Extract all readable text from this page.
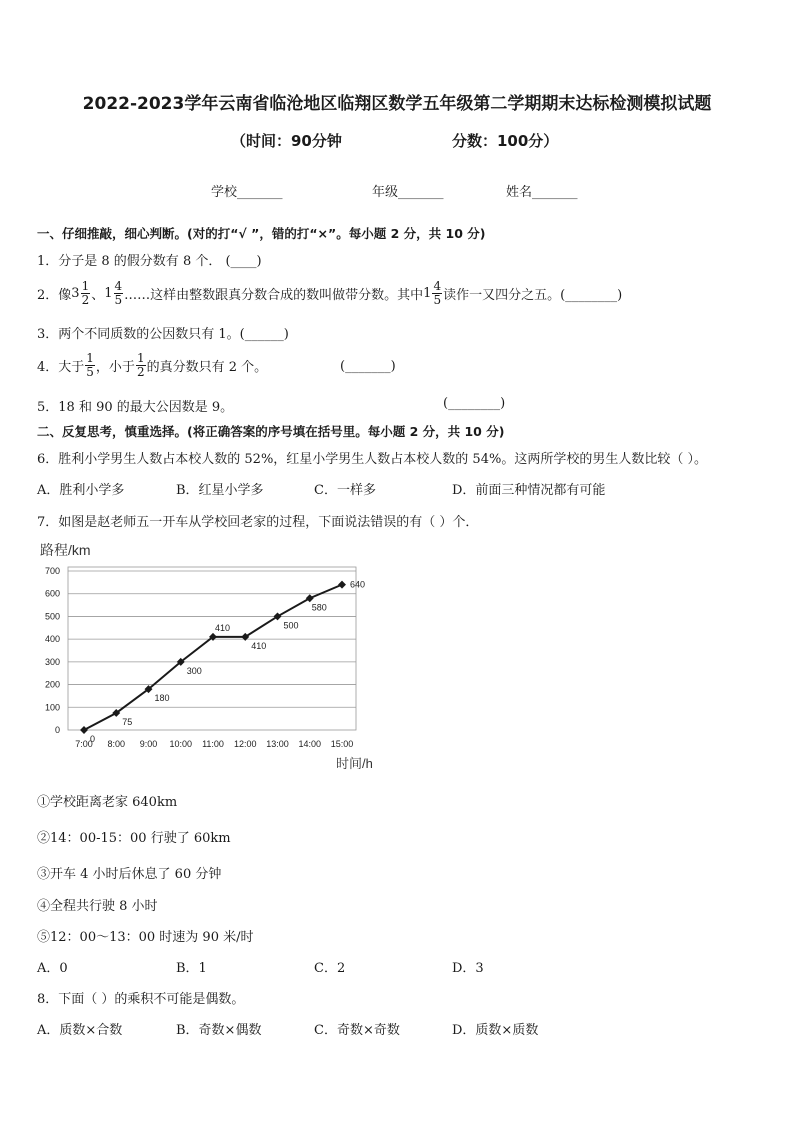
2022-2023学年云南省临沧地区临翔区数学五年级第二学期期末达标检测模拟试题
（时间：90分钟	分数：100分）
学校_______	年级_______	姓名_______
一、仔细推敲，细心判断。(对的打“√ ”，错的打“×”。每小题 2 分，共 10 分)
1．分子是 8 的假分数有 8 个． (____)
2．像 $3 \frac{1}{2}$ 、 $1 \frac{4}{5}$ ……这样由整数跟真分数合成的数叫做带分数。其中 $1 \frac{4}{5}$ 读作一又四分之五。(________)
3．两个不同质数的公因数只有 1。(______)
4．大于 $\frac{1}{5}$ ，小于 $\frac{1}{2}$ 的真分数只有 2 个。	(_______)
5．18 和 90 的最大公因数是 9。	(________)
二、反复思考，慎重选择。(将正确答案的序号填在括号里。每小题 2 分，共 10 分)
6．胜利小学男生人数占本校人数的 52%，红星小学男生人数占本校人数的 54%。这两所学校的男生人数比较（ ）。
A．胜利小学多	B．红星小学多	C．一样多	D．前面三种情况都有可能
7．如图是赵老师五一开车从学校回老家的过程，下面说法错误的有（ ）个．
路程/km
时间/h
0
100
200
300
400
500
600
700
7:00 8:00 9:00 10:00 11:00 12:00 13:00 14:00 15:00
0
75
180
300
410
410
500
580
640
①学校距离老家 640km
②14：00-15：00 行驶了 60km
③开车 4 小时后休息了 60 分钟
④全程共行驶 8 小时
⑤12：00～13：00 时速为 90 米/时
A．0	B．1	C．2	D．3
8．下面（ ）的乘积不可能是偶数。
A．质数×合数	B．奇数×偶数	C．奇数×奇数	D．质数×质数
